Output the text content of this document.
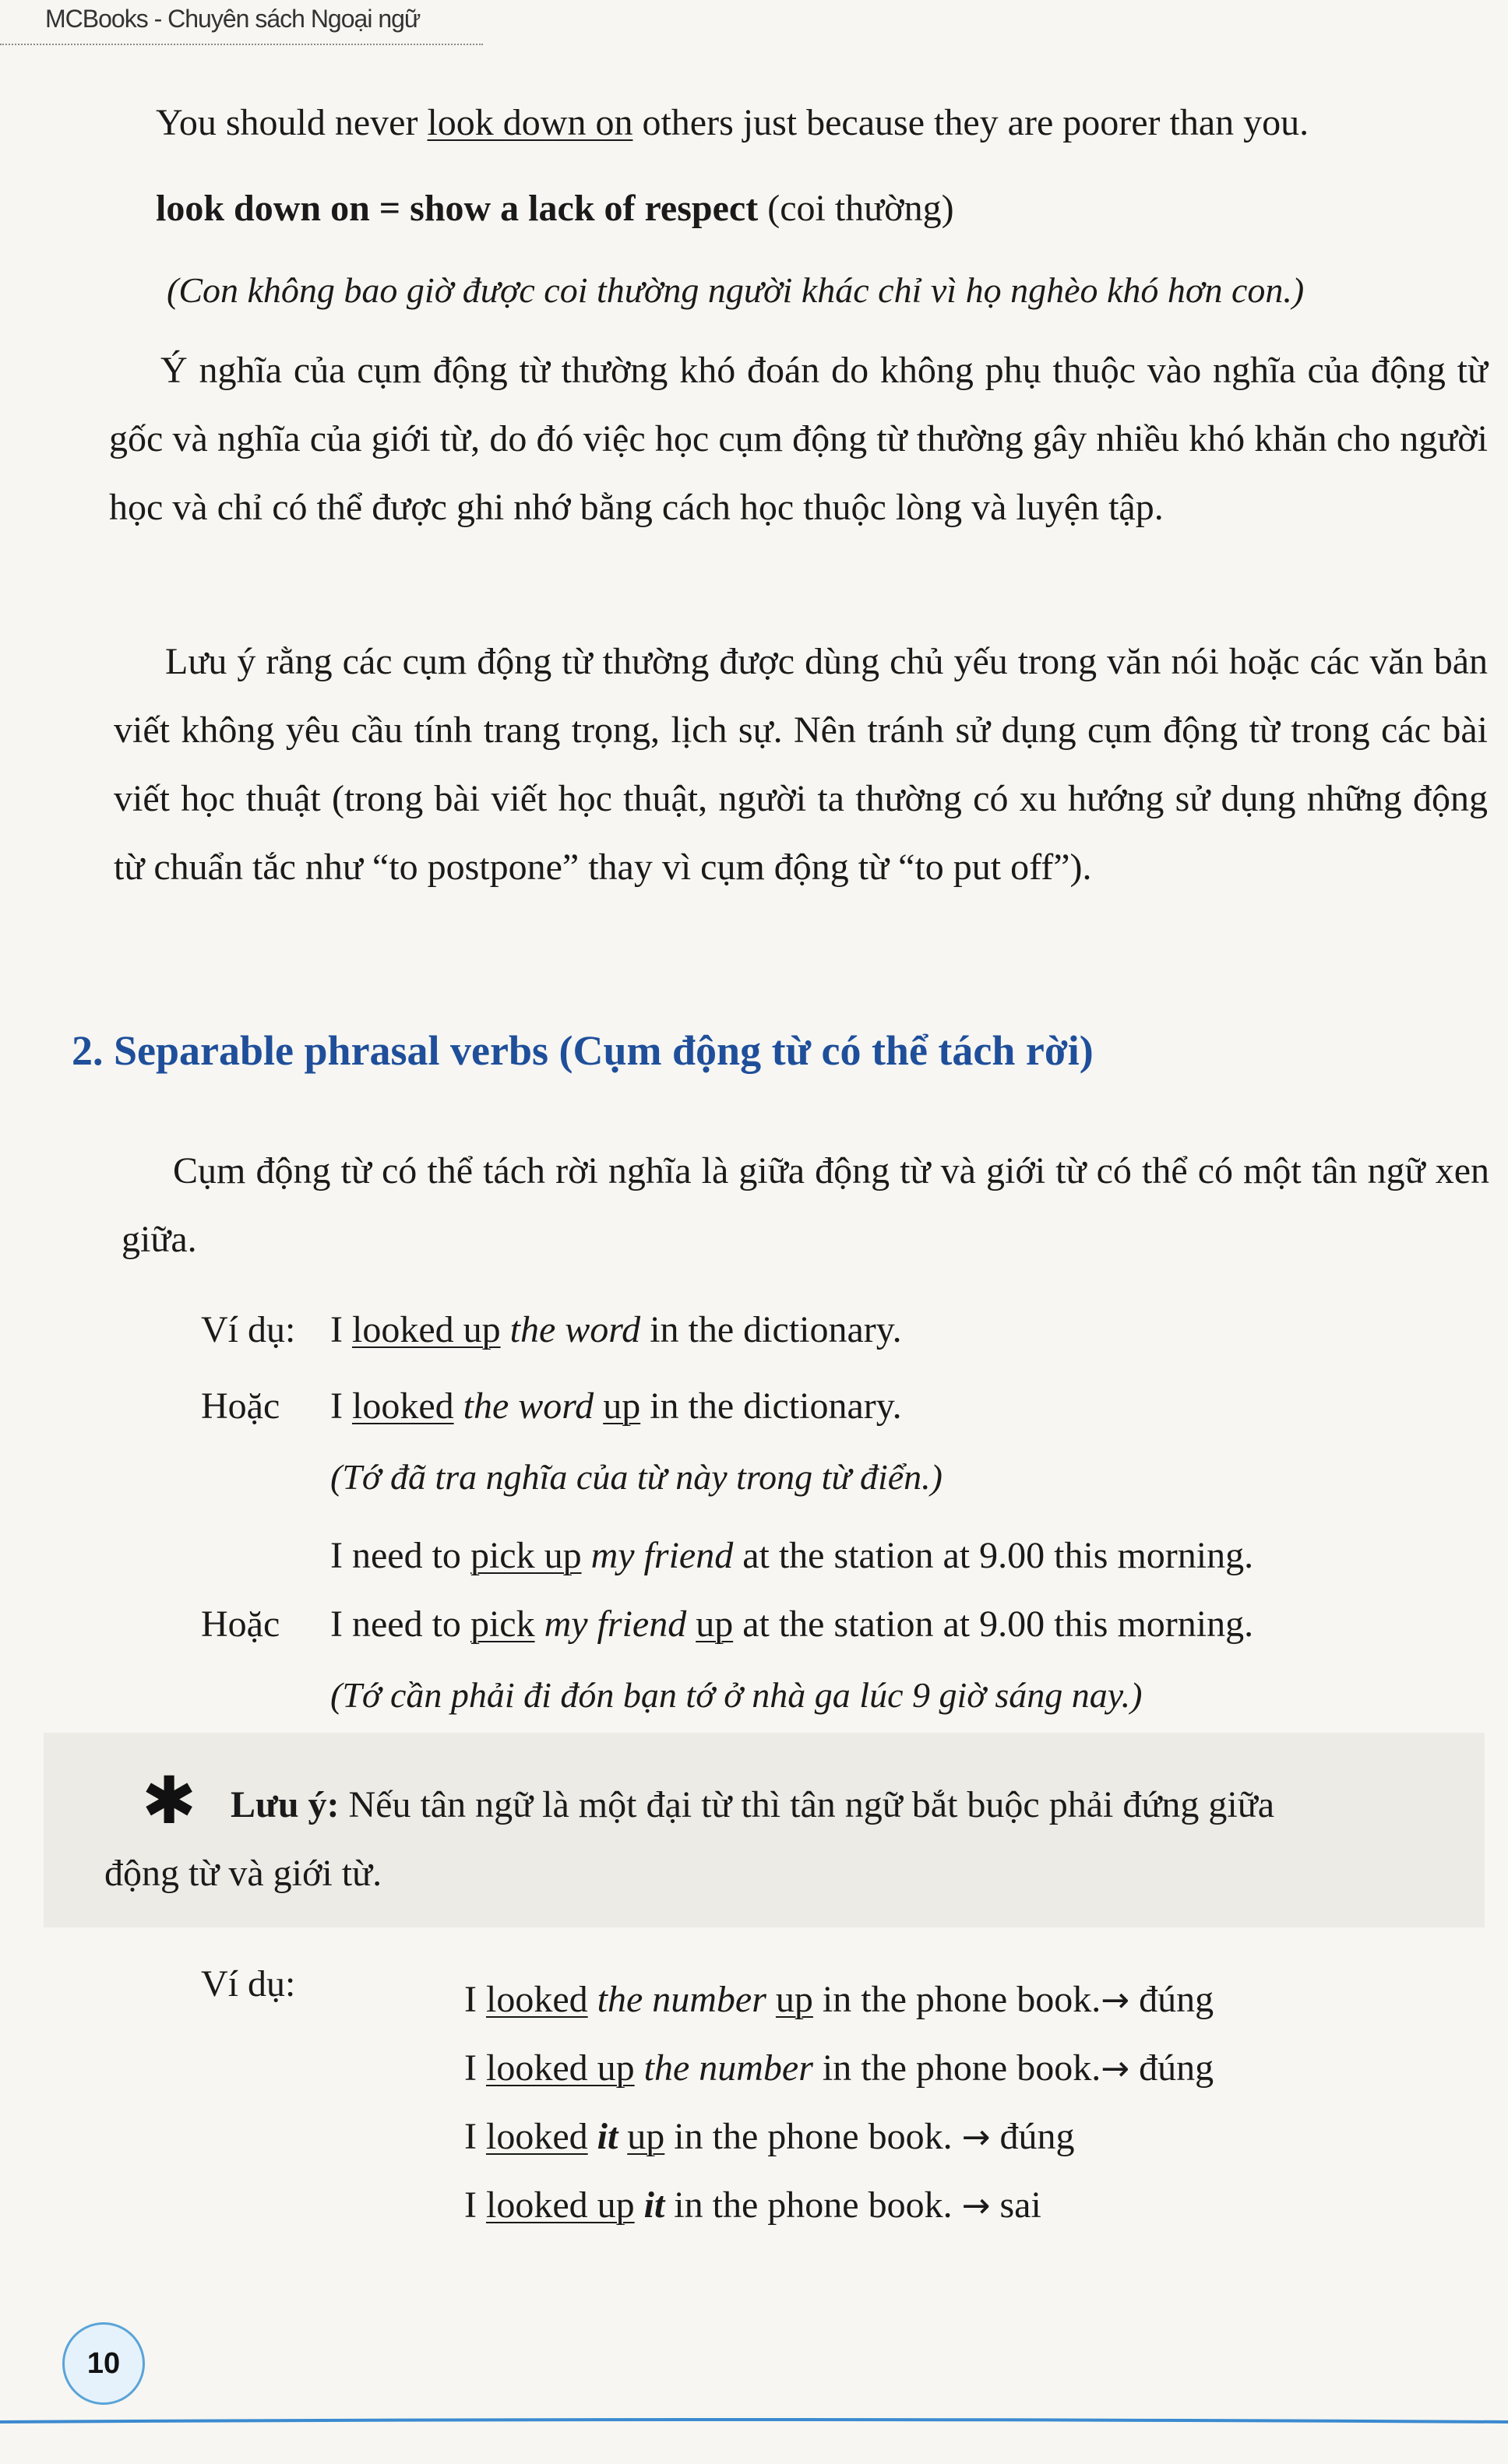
MCBooks - Chuyên sách Ngoại ngữ

You should never look down on others just because they are poorer than you.

look down on = show a lack of respect (coi thường)

(Con không bao giờ được coi thường người khác chỉ vì họ nghèo khó hơn con.)

Ý nghĩa của cụm động từ thường khó đoán do không phụ thuộc vào nghĩa của động từ gốc và nghĩa của giới từ, do đó việc học cụm động từ thường gây nhiều khó khăn cho người học và chỉ có thể được ghi nhớ bằng cách học thuộc lòng và luyện tập.

Lưu ý rằng các cụm động từ thường được dùng chủ yếu trong văn nói hoặc các văn bản viết không yêu cầu tính trang trọng, lịch sự. Nên tránh sử dụng cụm động từ trong các bài viết học thuật (trong bài viết học thuật, người ta thường có xu hướng sử dụng những động từ chuẩn tắc như “to postpone” thay vì cụm động từ “to put off”).

2. Separable phrasal verbs (Cụm động từ có thể tách rời)

Cụm động từ có thể tách rời nghĩa là giữa động từ và giới từ có thể có một tân ngữ xen giữa.

Ví dụ: I looked up the word in the dictionary.

Hoặc I looked the word up in the dictionary.

(Tớ đã tra nghĩa của từ này trong từ điển.)

I need to pick up my friend at the station at 9.00 this morning.

Hoặc I need to pick my friend up at the station at 9.00 this morning.

(Tớ cần phải đi đón bạn tớ ở nhà ga lúc 9 giờ sáng nay.)

✱ Lưu ý: Nếu tân ngữ là một đại từ thì tân ngữ bắt buộc phải đứng giữa

động từ và giới từ.

Ví dụ:	I looked the number up in the phone book.→ đúng

I looked up the number in the phone book.→ đúng

I looked it up in the phone book. → đúng

I looked up it in the phone book. → sai

10
